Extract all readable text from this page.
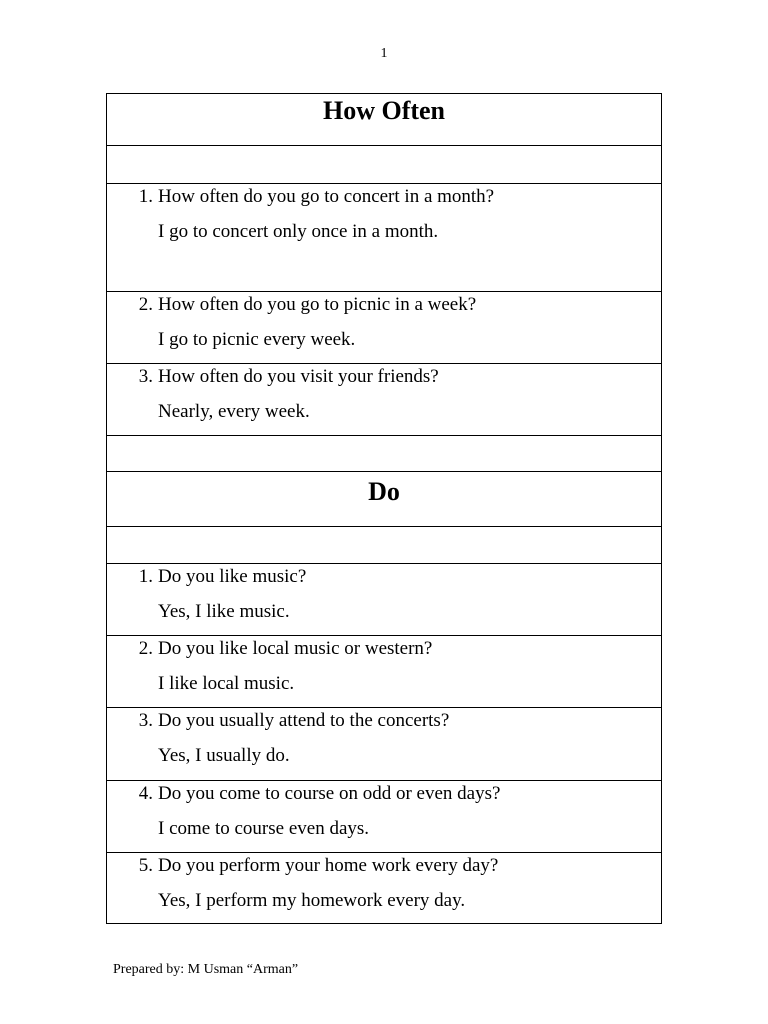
1
How Often
1. How often do you go to concert in a month?
I go to concert only once in a month.
2. How often do you go to picnic in a week?
I go to picnic every week.
3. How often do you visit your friends?
Nearly, every week.
Do
1. Do you like music?
Yes, I like music.
2. Do you like local music or western?
I like local music.
3. Do you usually attend to the concerts?
Yes, I usually do.
4. Do you come to course on odd or even days?
I come to course even days.
5. Do you perform your home work every day?
Yes, I perform my homework every day.
Prepared by: M Usman “Arman”
